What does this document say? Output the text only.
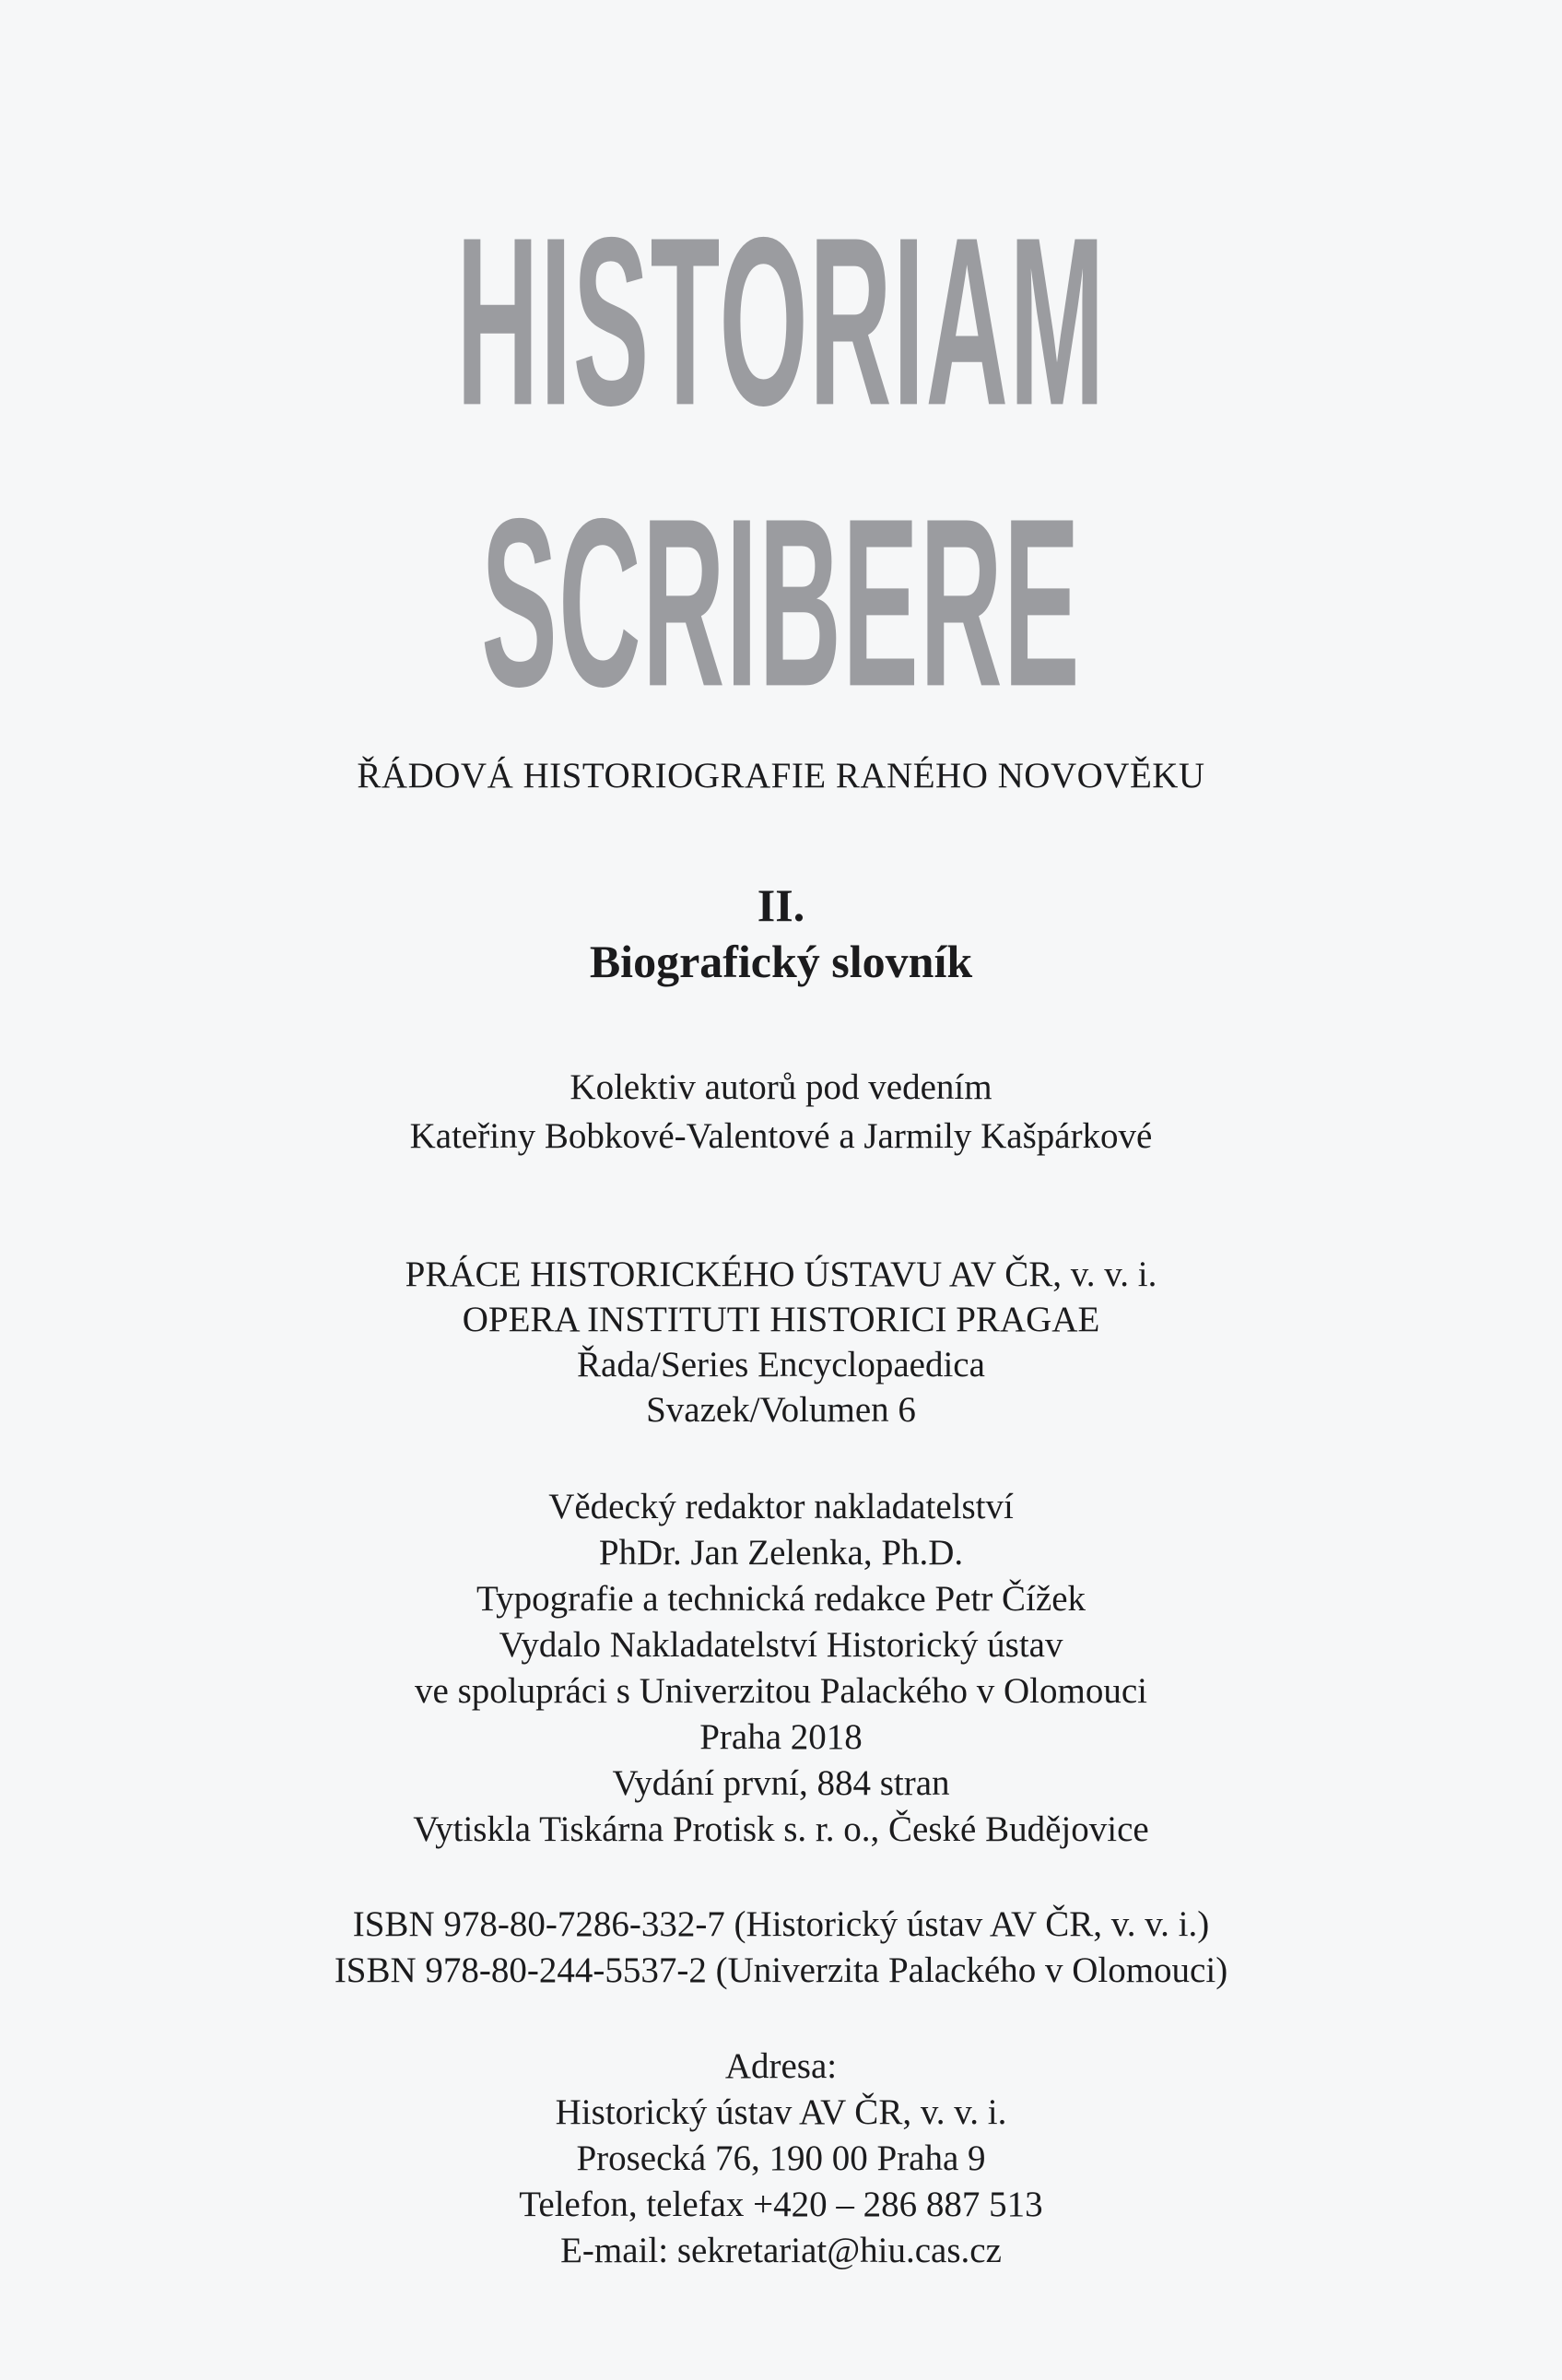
HISTORIAM
SCRIBERE
ŘÁDOVÁ HISTORIOGRAFIE RANÉHO NOVOVĚKU
II.
Biografický slovník
Kolektiv autorů pod vedením
Kateřiny Bobkové-Valentové a Jarmily Kašpárkové
PRÁCE HISTORICKÉHO ÚSTAVU AV ČR, v. v. i.
OPERA INSTITUTI HISTORICI PRAGAE
Řada/Series Encyclopaedica
Svazek/Volumen 6
Vědecký redaktor nakladatelství
PhDr. Jan Zelenka, Ph.D.
Typografie a technická redakce Petr Čížek
Vydalo Nakladatelství Historický ústav
ve spolupráci s Univerzitou Palackého v Olomouci
Praha 2018
Vydání první, 884 stran
Vytiskla Tiskárna Protisk s. r. o., České Budějovice
ISBN 978-80-7286-332-7 (Historický ústav AV ČR, v. v. i.)
ISBN 978-80-244-5537-2 (Univerzita Palackého v Olomouci)
Adresa:
Historický ústav AV ČR, v. v. i.
Prosecká 76, 190 00 Praha 9
Telefon, telefax +420 – 286 887 513
E-mail: sekretariat@hiu.cas.cz
